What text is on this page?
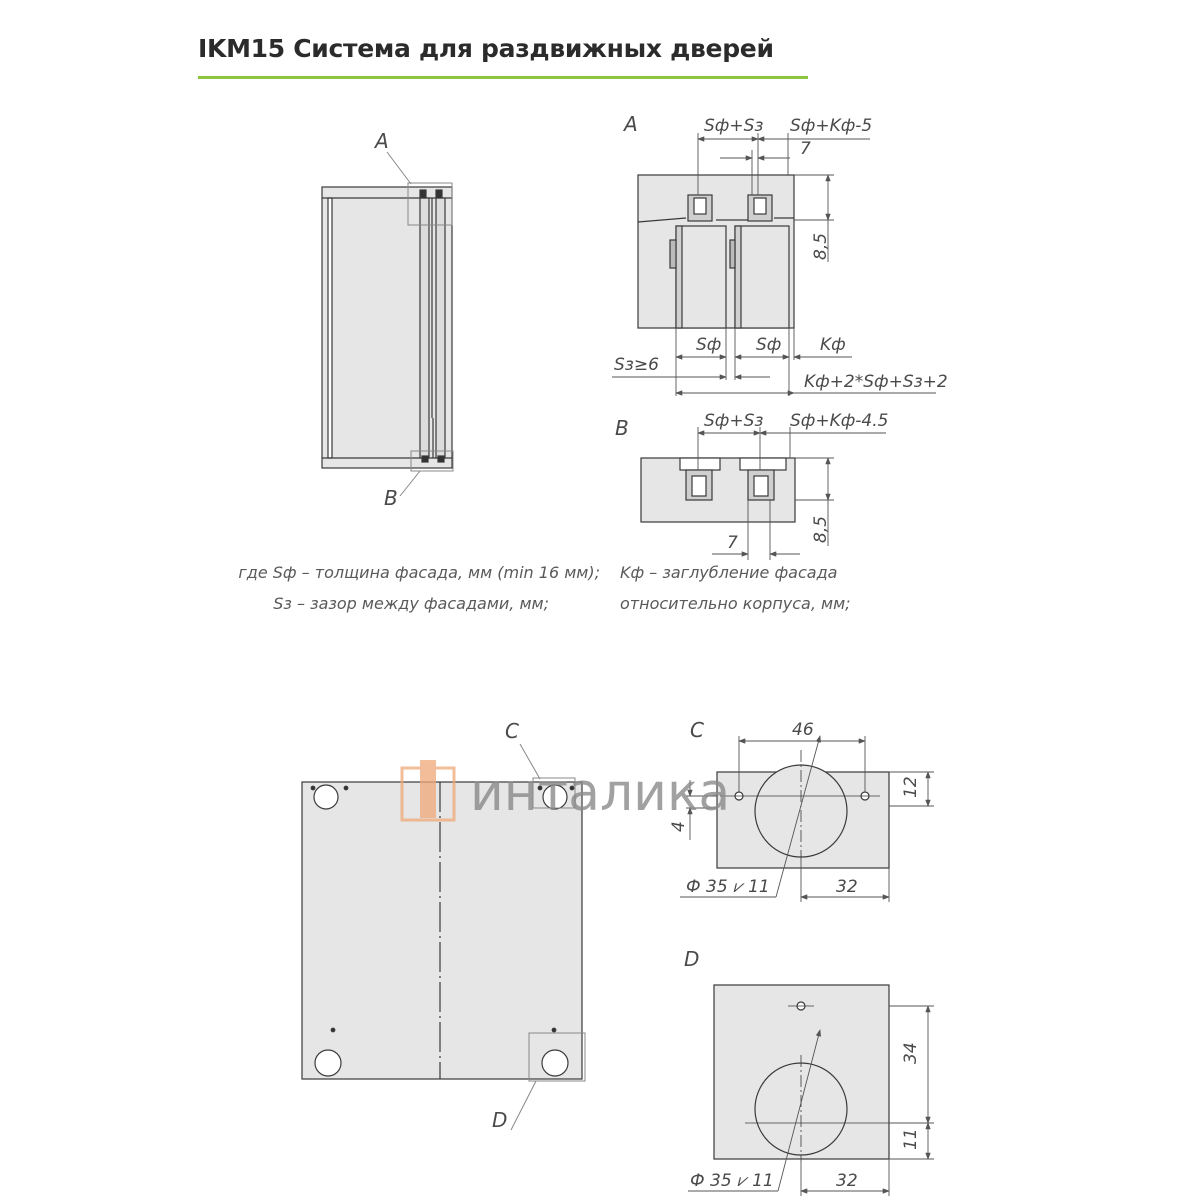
IKM15 Система для раздвижных дверей
A
B
A	Sф+Sз Sф+Kф-5
7
8,5
Sф Sф Kф
Sз≥6
Kф+2*Sф+Sз+2
B	Sф+Sз Sф+Kф-4.5
7	8,5
где Sф – толщина фасада, мм (min 16 мм); Kф – заглубление фасада
Sз – зазор между фасадами, мм;	относительно корпуса, мм;
C
D
C	46
12
4
32
Ф 35 ⩗ 11
D
34
11
32
Ф 35 ⩗ 11
инталика
